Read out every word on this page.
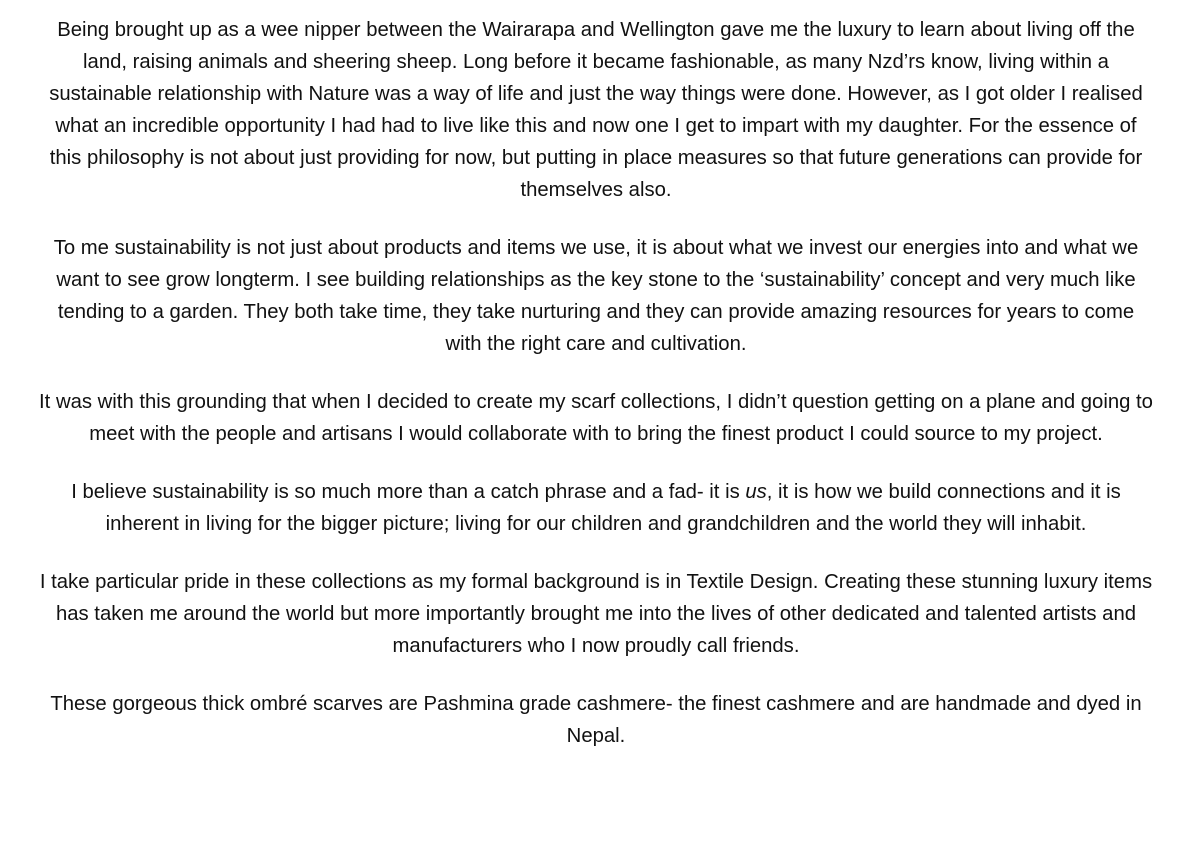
Being brought up as a wee nipper between the Wairarapa and Wellington gave me the luxury to learn about living off the land, raising animals and sheering sheep. Long before it became fashionable, as many Nzd’rs know, living within a sustainable relationship with Nature was a way of life and just the way things were done. However, as I got older I realised what an incredible opportunity I had had to live like this and now one I get to impart with my daughter. For the essence of this philosophy is not about just providing for now, but putting in place measures so that future generations can provide for themselves also.

To me sustainability is not just about products and items we use, it is about what we invest our energies into and what we want to see grow longterm. I see building relationships as the key stone to the ‘sustainability’ concept and very much like tending to a garden. They both take time, they take nurturing and they can provide amazing resources for years to come with the right care and cultivation.

It was with this grounding that when I decided to create my scarf collections, I didn’t question getting on a plane and going to meet with the people and artisans I would collaborate with to bring the finest product I could source to my project.

I believe sustainability is so much more than a catch phrase and a fad- it is us, it is how we build connections and it is inherent in living for the bigger picture; living for our children and grandchildren and the world they will inhabit.

I take particular pride in these collections as my formal background is in Textile Design. Creating these stunning luxury items has taken me around the world but more importantly brought me into the lives of other dedicated and talented artists and manufacturers who I now proudly call friends.

These gorgeous thick ombré scarves are Pashmina grade cashmere- the finest cashmere and are handmade and dyed in Nepal.
